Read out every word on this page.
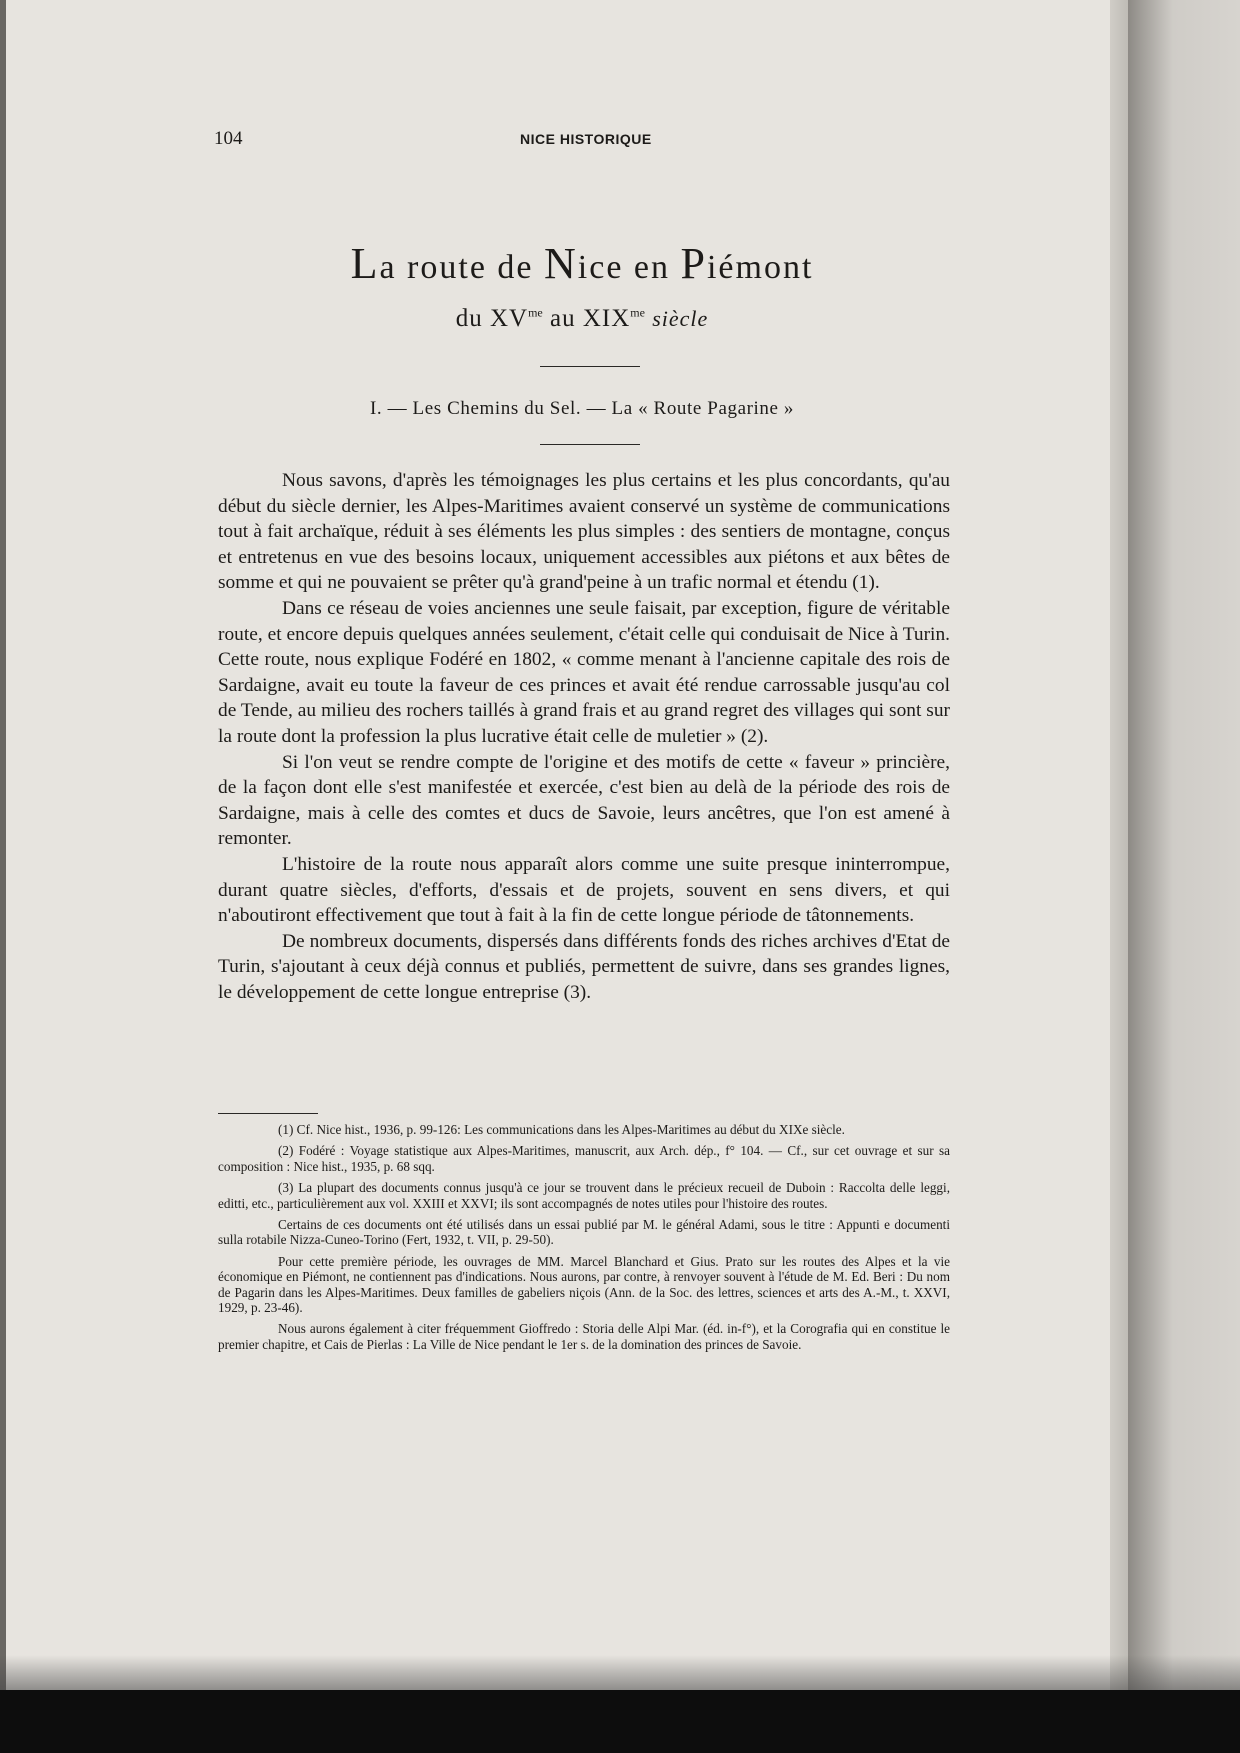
104	NICE HISTORIQUE
La route de Nice en Piémont
du $XV^{me}$ au $XIX^{me}$ siècle
I. — Les Chemins du Sel. — La « Route Pagarine »

Nous savons, d'après les témoignages les plus certains et les plus concordants, qu'au début du siècle dernier, les Alpes-Maritimes avaient conservé un système de communications tout à fait archaïque, réduit à ses éléments les plus simples : des sentiers de montagne, conçus et entretenus en vue des besoins locaux, uniquement accessibles aux piétons et aux bêtes de somme et qui ne pouvaient se prêter qu'à grand'peine à un trafic normal et étendu (1).

Dans ce réseau de voies anciennes une seule faisait, par exception, figure de véritable route, et encore depuis quelques années seulement, c'était celle qui conduisait de Nice à Turin. Cette route, nous explique Fodéré en 1802, « comme menant à l'ancienne capitale des rois de Sardaigne, avait eu toute la faveur de ces princes et avait été rendue carrossable jusqu'au col de Tende, au milieu des rochers taillés à grand frais et au grand regret des villages qui sont sur la route dont la profession la plus lucrative était celle de muletier » (2).

Si l'on veut se rendre compte de l'origine et des motifs de cette « faveur » princière, de la façon dont elle s'est manifestée et exercée, c'est bien au delà de la période des rois de Sardaigne, mais à celle des comtes et ducs de Savoie, leurs ancêtres, que l'on est amené à remonter.

L'histoire de la route nous apparaît alors comme une suite presque ininterrompue, durant quatre siècles, d'efforts, d'essais et de projets, souvent en sens divers, et qui n'aboutiront effectivement que tout à fait à la fin de cette longue période de tâtonnements.

De nombreux documents, dispersés dans différents fonds des riches archives d'Etat de Turin, s'ajoutant à ceux déjà connus et publiés, permettent de suivre, dans ses grandes lignes, le développement de cette longue entreprise (3).

(1) Cf. Nice hist., 1936, p. 99-126: Les communications dans les Alpes-Maritimes au début du XIXe siècle.

(2) Fodéré : Voyage statistique aux Alpes-Maritimes, manuscrit, aux Arch. dép., f° 104. — Cf., sur cet ouvrage et sur sa composition : Nice hist., 1935, p. 68 sqq.

(3) La plupart des documents connus jusqu'à ce jour se trouvent dans le précieux recueil de Duboin : Raccolta delle leggi, editti, etc., particulièrement aux vol. XXIII et XXVI; ils sont accompagnés de notes utiles pour l'histoire des routes.

Certains de ces documents ont été utilisés dans un essai publié par M. le général Adami, sous le titre : Appunti e documenti sulla rotabile Nizza-Cuneo-Torino (Fert, 1932, t. VII, p. 29-50).

Pour cette première période, les ouvrages de MM. Marcel Blanchard et Gius. Prato sur les routes des Alpes et la vie économique en Piémont, ne contiennent pas d'indications. Nous aurons, par contre, à renvoyer souvent à l'étude de M. Ed. Beri : Du nom de Pagarin dans les Alpes-Maritimes. Deux familles de gabeliers niçois (Ann. de la Soc. des lettres, sciences et arts des A.-M., t. XXVI, 1929, p. 23-46).

Nous aurons également à citer fréquemment Gioffredo : Storia delle Alpi Mar. (éd. in-f°), et la Corografia qui en constitue le premier chapitre, et Cais de Pierlas : La Ville de Nice pendant le 1er s. de la domination des princes de Savoie.
